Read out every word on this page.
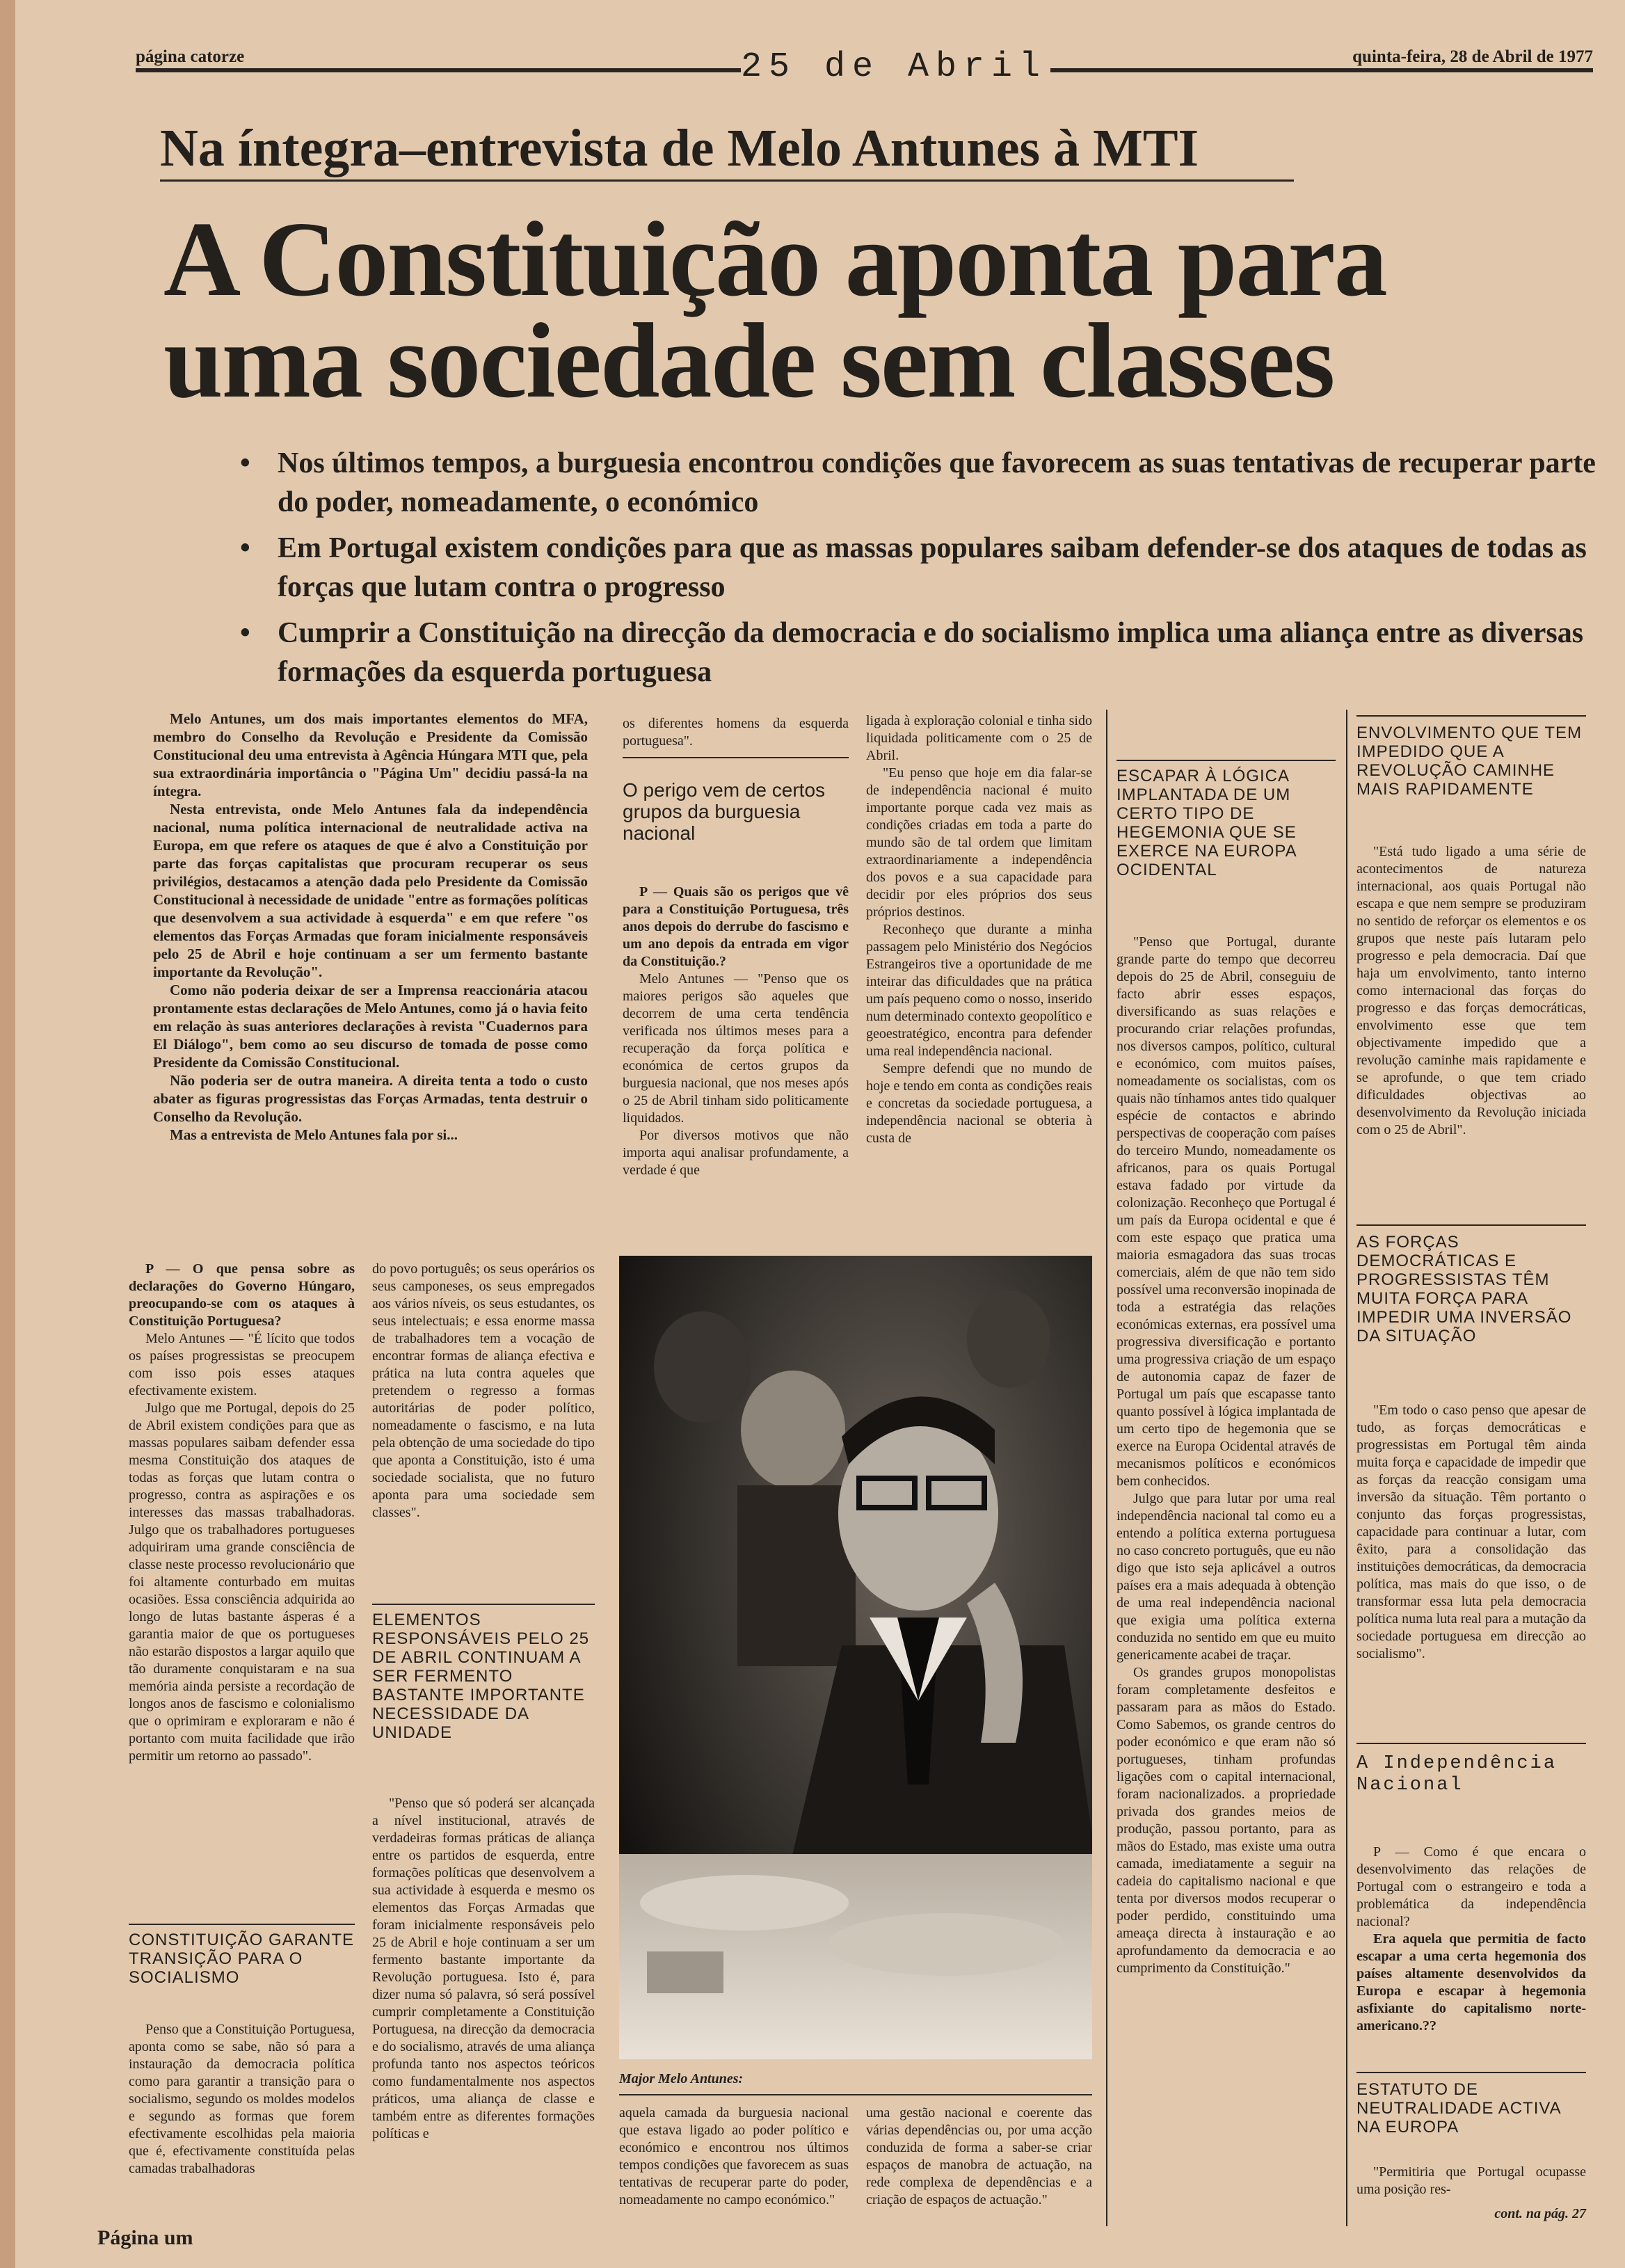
página catorze	quinta-feira, 28 de Abril de 1977
25 de Abril
Na íntegra–entrevista de Melo Antunes à MTI
A Constituição aponta para
uma sociedade sem classes
• Nos últimos tempos, a burguesia encontrou condições que favorecem as suas tentativas de recuperar parte do poder, nomeadamente, o económico
• Em Portugal existem condições para que as massas populares saibam defender-se dos ataques de todas as forças que lutam contra o progresso
• Cumprir a Constituição na direcção da democracia e do socialismo implica uma aliança entre as diversas formações da esquerda portuguesa

Melo Antunes, um dos mais importantes elementos do MFA, membro do Conselho da Revolução e Presidente da Comissão Constitucional deu uma entrevista à Agência Húngara MTI que, pela sua extraordinária importância o "Página Um" decidiu passá-la na íntegra.

Nesta entrevista, onde Melo Antunes fala da independência nacional, numa política internacional de neutralidade activa na Europa, em que refere os ataques de que é alvo a Constituição por parte das forças capitalistas que procuram recuperar os seus privilégios, destacamos a atenção dada pelo Presidente da Comissão Constitucional à necessidade de unidade "entre as formações políticas que desenvolvem a sua actividade à esquerda" e em que refere "os elementos das Forças Armadas que foram inicialmente responsáveis pelo 25 de Abril e hoje continuam a ser um fermento bastante importante da Revolução".

Como não poderia deixar de ser a Imprensa reaccionária atacou prontamente estas declarações de Melo Antunes, como já o havia feito em relação às suas anteriores declarações à revista "Cuadernos para El Diálogo", bem como ao seu discurso de tomada de posse como Presidente da Comissão Constitucional.

Não poderia ser de outra maneira. A direita tenta a todo o custo abater as figuras progressistas das Forças Armadas, tenta destruir o Conselho da Revolução.

Mas a entrevista de Melo Antunes fala por si...

os diferentes homens da esquerda portuguesa".
O perigo vem de certos grupos da burguesia nacional

P — Quais são os perigos que vê para a Constituição Portuguesa, três anos depois do derrube do fascismo e um ano depois da entrada em vigor da Constituição.?

Melo Antunes — "Penso que os maiores perigos são aqueles que decorrem de uma certa tendência verificada nos últimos meses para a recuperação da força política e económica de certos grupos da burguesia nacional, que nos meses após o 25 de Abril tinham sido politicamente liquidados.

Por diversos motivos que não importa aqui analisar profundamente, a verdade é que

ligada à exploração colonial e tinha sido liquidada politicamente com o 25 de Abril.

"Eu penso que hoje em dia falar-se de independência nacional é muito importante porque cada vez mais as condições criadas em toda a parte do mundo são de tal ordem que limitam extraordinariamente a independência dos povos e a sua capacidade para decidir por eles próprios dos seus próprios destinos.

Reconheço que durante a minha passagem pelo Ministério dos Negócios Estrangeiros tive a oportunidade de me inteirar das dificuldades que na prática um país pequeno como o nosso, inserido num determinado contexto geopolítico e geoestratégico, encontra para defender uma real independência nacional.

Sempre defendi que no mundo de hoje e tendo em conta as condições reais e concretas da sociedade portuguesa, a independência nacional se obteria à custa de

P — O que pensa sobre as declarações do Governo Húngaro, preocupando-se com os ataques à Constituição Portuguesa?

Melo Antunes — "É lícito que todos os países progressistas se preocupem com isso pois esses ataques efectivamente existem.

Julgo que me Portugal, depois do 25 de Abril existem condições para que as massas populares saibam defender essa mesma Constituição dos ataques de todas as forças que lutam contra o progresso, contra as aspirações e os interesses das massas trabalhadoras. Julgo que os trabalhadores portugueses adquiriram uma grande consciência de classe neste processo revolucionário que foi altamente conturbado em muitas ocasiões. Essa consciência adquirida ao longo de lutas bastante ásperas é a garantia maior de que os portugueses não estarão dispostos a largar aquilo que tão duramente conquistaram e na sua memória ainda persiste a recordação de longos anos de fascismo e colonialismo que o oprimiram e exploraram e não é portanto com muita facilidade que irão permitir um retorno ao passado".

CONSTITUIÇÃO GARANTE TRANSIÇÃO PARA O SOCIALISMO

Penso que a Constituição Portuguesa, aponta como se sabe, não só para a instauração da democracia política como para garantir a transição para o socialismo, segundo os moldes modelos e segundo as formas que forem efectivamente escolhidas pela maioria que é, efectivamente constituída pelas camadas trabalhadoras

do povo português; os seus operários os seus camponeses, os seus empregados aos vários níveis, os seus estudantes, os seus intelectuais; e essa enorme massa de trabalhadores tem a vocação de encontrar formas de aliança efectiva e prática na luta contra aqueles que pretendem o regresso a formas autoritárias de poder político, nomeadamente o fascismo, e na luta pela obtenção de uma sociedade do tipo que aponta a Constituição, isto é uma sociedade socialista, que no futuro aponta para uma sociedade sem classes".

ELEMENTOS RESPONSÁVEIS PELO 25 DE ABRIL CONTINUAM A SER FERMENTO BASTANTE IMPORTANTE NECESSIDADE DA UNIDADE

"Penso que só poderá ser alcançada a nível institucional, através de verdadeiras formas práticas de aliança entre os partidos de esquerda, entre formações políticas que desenvolvem a sua actividade à esquerda e mesmo os elementos das Forças Armadas que foram inicialmente responsáveis pelo 25 de Abril e hoje continuam a ser um fermento bastante importante da Revolução portuguesa. Isto é, para dizer numa só palavra, só será possível cumprir completamente a Constituição Portuguesa, na direcção da democracia e do socialismo, através de uma aliança profunda tanto nos aspectos teóricos como fundamentalmente nos aspectos práticos, uma aliança de classe e também entre as diferentes formações políticas e

Major Melo Antunes:

aquela camada da burguesia nacional que estava ligado ao poder político e económico e encontrou nos últimos tempos condições que favorecem as suas tentativas de recuperar parte do poder, nomeadamente no campo económico."

uma gestão nacional e coerente das várias dependências ou, por uma acção conduzida de forma a saber-se criar espaços de manobra de actuação, na rede complexa de dependências e a criação de espaços de actuação."

ESCAPAR À LÓGICA IMPLANTADA DE UM CERTO TIPO DE HEGEMONIA QUE SE EXERCE NA EUROPA OCIDENTAL

"Penso que Portugal, durante grande parte do tempo que decorreu depois do 25 de Abril, conseguiu de facto abrir esses espaços, diversificando as suas relações e procurando criar relações profundas, nos diversos campos, político, cultural e económico, com muitos países, nomeadamente os socialistas, com os quais não tínhamos antes tido qualquer espécie de contactos e abrindo perspectivas de cooperação com países do terceiro Mundo, nomeadamente os africanos, para os quais Portugal estava fadado por virtude da colonização. Reconheço que Portugal é um país da Europa ocidental e que é com este espaço que pratica uma maioria esmagadora das suas trocas comerciais, além de que não tem sido possível uma reconversão inopinada de toda a estratégia das relações económicas externas, era possível uma progressiva diversificação e portanto uma progressiva criação de um espaço de autonomia capaz de fazer de Portugal um país que escapasse tanto quanto possível à lógica implantada de um certo tipo de hegemonia que se exerce na Europa Ocidental através de mecanismos políticos e económicos bem conhecidos.

Julgo que para lutar por uma real independência nacional tal como eu a entendo a política externa portuguesa no caso concreto português, que eu não digo que isto seja aplicável a outros países era a mais adequada à obtenção de uma real independência nacional que exigia uma política externa conduzida no sentido em que eu muito genericamente acabei de traçar.

Os grandes grupos monopolistas foram completamente desfeitos e passaram para as mãos do Estado. Como Sabemos, os grande centros do poder económico e que eram não só portugueses, tinham profundas ligações com o capital internacional, foram nacionalizados. a propriedade privada dos grandes meios de produção, passou portanto, para as mãos do Estado, mas existe uma outra camada, imediatamente a seguir na cadeia do capitalismo nacional e que tenta por diversos modos recuperar o poder perdido, constituindo uma ameaça directa à instauração e ao aprofundamento da democracia e ao cumprimento da Constituição."

ENVOLVIMENTO QUE TEM IMPEDIDO QUE A REVOLUÇÃO CAMINHE MAIS RAPIDAMENTE

"Está tudo ligado a uma série de acontecimentos de natureza internacional, aos quais Portugal não escapa e que nem sempre se produziram no sentido de reforçar os elementos e os grupos que neste país lutaram pelo progresso e pela democracia. Daí que haja um envolvimento, tanto interno como internacional das forças do progresso e das forças democráticas, envolvimento esse que tem objectivamente impedido que a revolução caminhe mais rapidamente e se aprofunde, o que tem criado dificuldades objectivas ao desenvolvimento da Revolução iniciada com o 25 de Abril".

AS FORÇAS DEMOCRÁTICAS E PROGRESSISTAS TÊM MUITA FORÇA PARA IMPEDIR UMA INVERSÃO DA SITUAÇÃO

"Em todo o caso penso que apesar de tudo, as forças democráticas e progressistas em Portugal têm ainda muita força e capacidade de impedir que as forças da reacção consigam uma inversão da situação. Têm portanto o conjunto das forças progressistas, capacidade para continuar a lutar, com êxito, para a consolidação das instituições democráticas, da democracia política, mas mais do que isso, o de transformar essa luta pela democracia política numa luta real para a mutação da sociedade portuguesa em direcção ao socialismo".

A Independência Nacional

P — Como é que encara o desenvolvimento das relações de Portugal com o estrangeiro e toda a problemática da independência nacional?

Era aquela que permitia de facto escapar a uma certa hegemonia dos países altamente desenvolvidos da Europa e escapar à hegemonia asfixiante do capitalismo norte-americano.??

ESTATUTO DE NEUTRALIDADE ACTIVA NA EUROPA

"Permitiria que Portugal ocupasse uma posição res-

cont. na pág. 27
Página um
